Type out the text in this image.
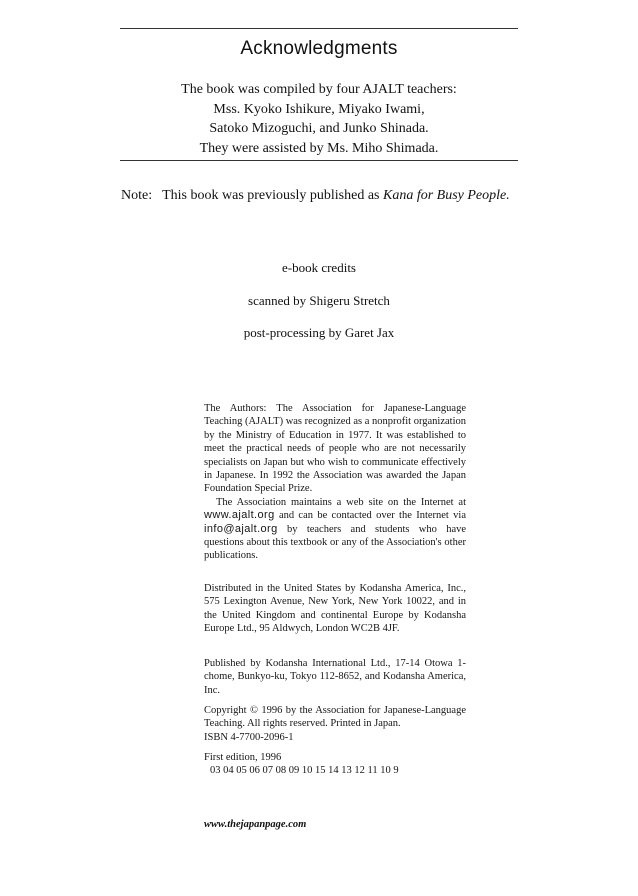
Acknowledgments
The book was compiled by four AJALT teachers:
Mss. Kyoko Ishikure, Miyako Iwami,
Satoko Mizoguchi, and Junko Shinada.
They were assisted by Ms. Miho Shimada.
Note: This book was previously published as Kana for Busy People.
e-book credits
scanned by Shigeru Stretch
post-processing by Garet Jax

The Authors: The Association for Japanese-Language Teaching (AJALT) was recognized as a nonprofit organization by the Ministry of Education in 1977. It was established to meet the practical needs of people who are not necessarily specialists on Japan but who wish to communicate effectively in Japanese. In 1992 the Association was awarded the Japan Foundation Special Prize.

The Association maintains a web site on the Internet at www.ajalt.org and can be contacted over the Internet via info@ajalt.org by teachers and students who have questions about this textbook or any of the Association's other publications.

Distributed in the United States by Kodansha America, Inc., 575 Lexington Avenue, New York, New York 10022, and in the United Kingdom and continental Europe by Kodansha Europe Ltd., 95 Aldwych, London WC2B 4JF.

Published by Kodansha International Ltd., 17-14 Otowa 1-chome, Bunkyo-ku, Tokyo 112-8652, and Kodansha America, Inc.

Copyright © 1996 by the Association for Japanese-Language Teaching. All rights reserved. Printed in Japan.

ISBN 4-7700-2096-1

First edition, 1996

03 04 05 06 07 08 09 10 15 14 13 12 11 10 9
www.thejapanpage.com
